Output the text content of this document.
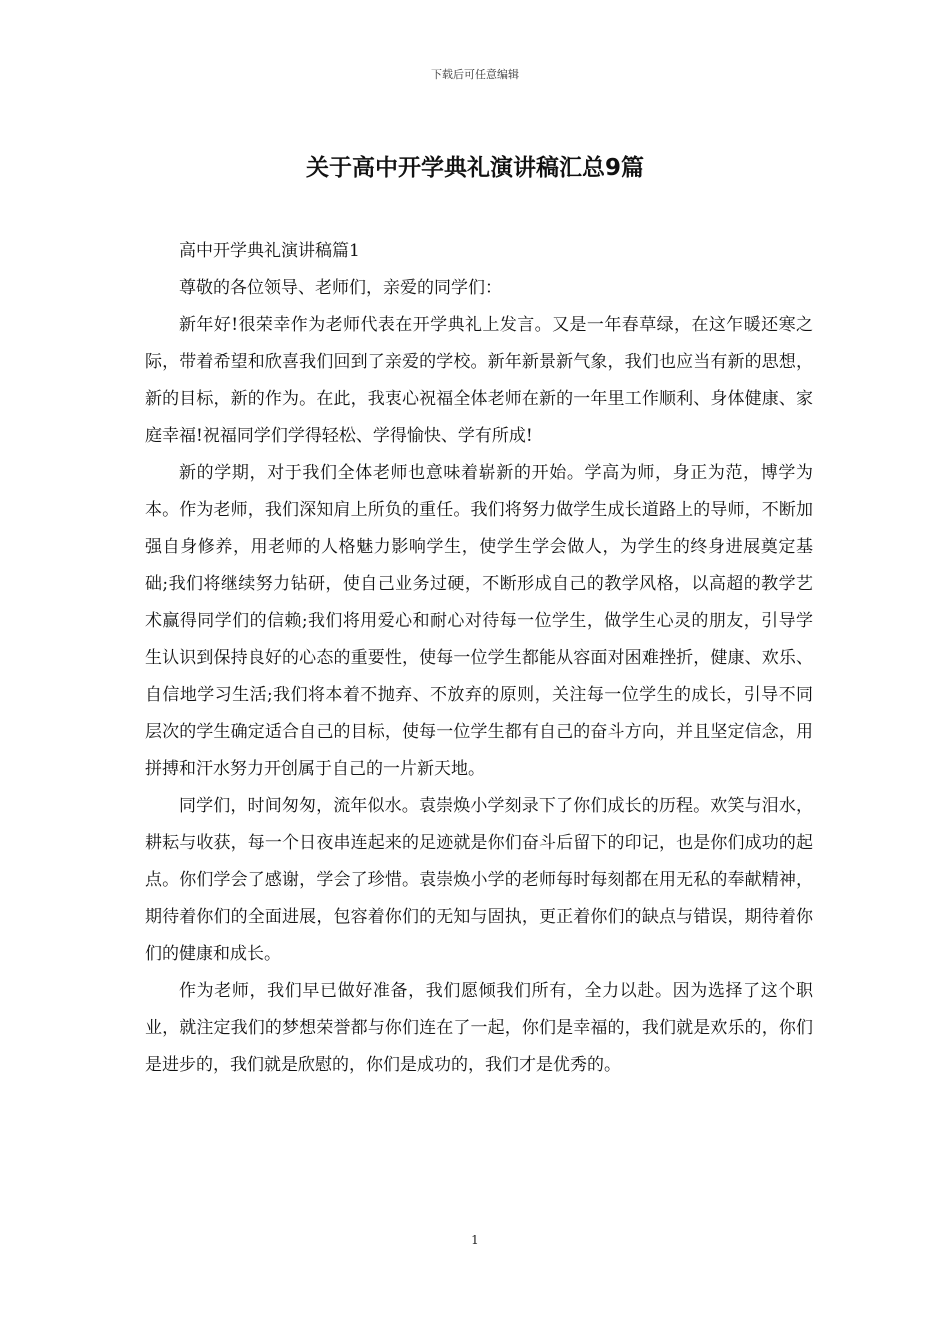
下载后可任意编辑
关于高中开学典礼演讲稿汇总9篇

高中开学典礼演讲稿篇1

尊敬的各位领导、老师们，亲爱的同学们：

新年好!很荣幸作为老师代表在开学典礼上发言。又是一年春草绿，在这乍暖还寒之际，带着希望和欣喜我们回到了亲爱的学校。新年新景新气象，我们也应当有新的思想，新的目标，新的作为。在此，我衷心祝福全体老师在新的一年里工作顺利、身体健康、家庭幸福!祝福同学们学得轻松、学得愉快、学有所成!

新的学期，对于我们全体老师也意味着崭新的开始。学高为师，身正为范，博学为本。作为老师，我们深知肩上所负的重任。我们将努力做学生成长道路上的导师，不断加强自身修养，用老师的人格魅力影响学生，使学生学会做人，为学生的终身进展奠定基础;我们将继续努力钻研，使自己业务过硬，不断形成自己的教学风格，以高超的教学艺术赢得同学们的信赖;我们将用爱心和耐心对待每一位学生，做学生心灵的朋友，引导学生认识到保持良好的心态的重要性，使每一位学生都能从容面对困难挫折，健康、欢乐、自信地学习生活;我们将本着不抛弃、不放弃的原则，关注每一位学生的成长，引导不同层次的学生确定适合自己的目标，使每一位学生都有自己的奋斗方向，并且坚定信念，用拼搏和汗水努力开创属于自己的一片新天地。

同学们，时间匆匆，流年似水。袁崇焕小学刻录下了你们成长的历程。欢笑与泪水，耕耘与收获，每一个日夜串连起来的足迹就是你们奋斗后留下的印记，也是你们成功的起点。你们学会了感谢，学会了珍惜。袁崇焕小学的老师每时每刻都在用无私的奉献精神，期待着你们的全面进展，包容着你们的无知与固执，更正着你们的缺点与错误，期待着你们的健康和成长。

作为老师，我们早已做好准备，我们愿倾我们所有，全力以赴。因为选择了这个职业，就注定我们的梦想荣誉都与你们连在了一起，你们是幸福的，我们就是欢乐的，你们是进步的，我们就是欣慰的，你们是成功的，我们才是优秀的。

1
